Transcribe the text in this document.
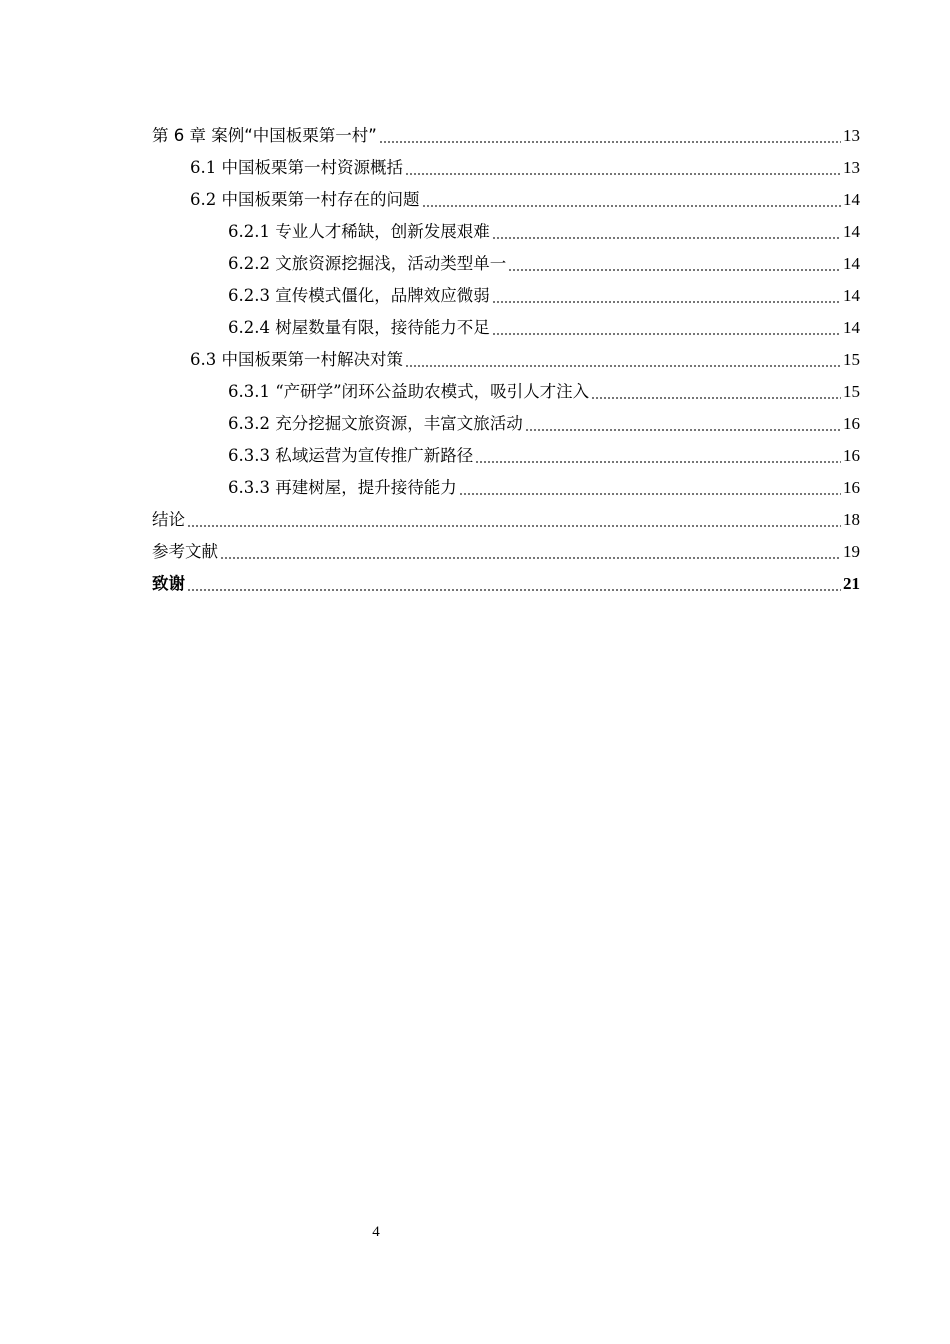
第 6 章 案例“中国板栗第一村”	13
6.1 中国板栗第一村资源概括	13
6.2 中国板栗第一村存在的问题	14
6.2.1 专业人才稀缺，创新发展艰难	14
6.2.2 文旅资源挖掘浅，活动类型单一	14
6.2.3 宣传模式僵化，品牌效应微弱	14
6.2.4 树屋数量有限，接待能力不足	14
6.3 中国板栗第一村解决对策	15
6.3.1 “产研学”闭环公益助农模式，吸引人才注入	15
6.3.2 充分挖掘文旅资源，丰富文旅活动	16
6.3.3 私域运营为宣传推广新路径	16
6.3.3 再建树屋，提升接待能力	16
结论	18
参考文献	19
致谢	21
4
